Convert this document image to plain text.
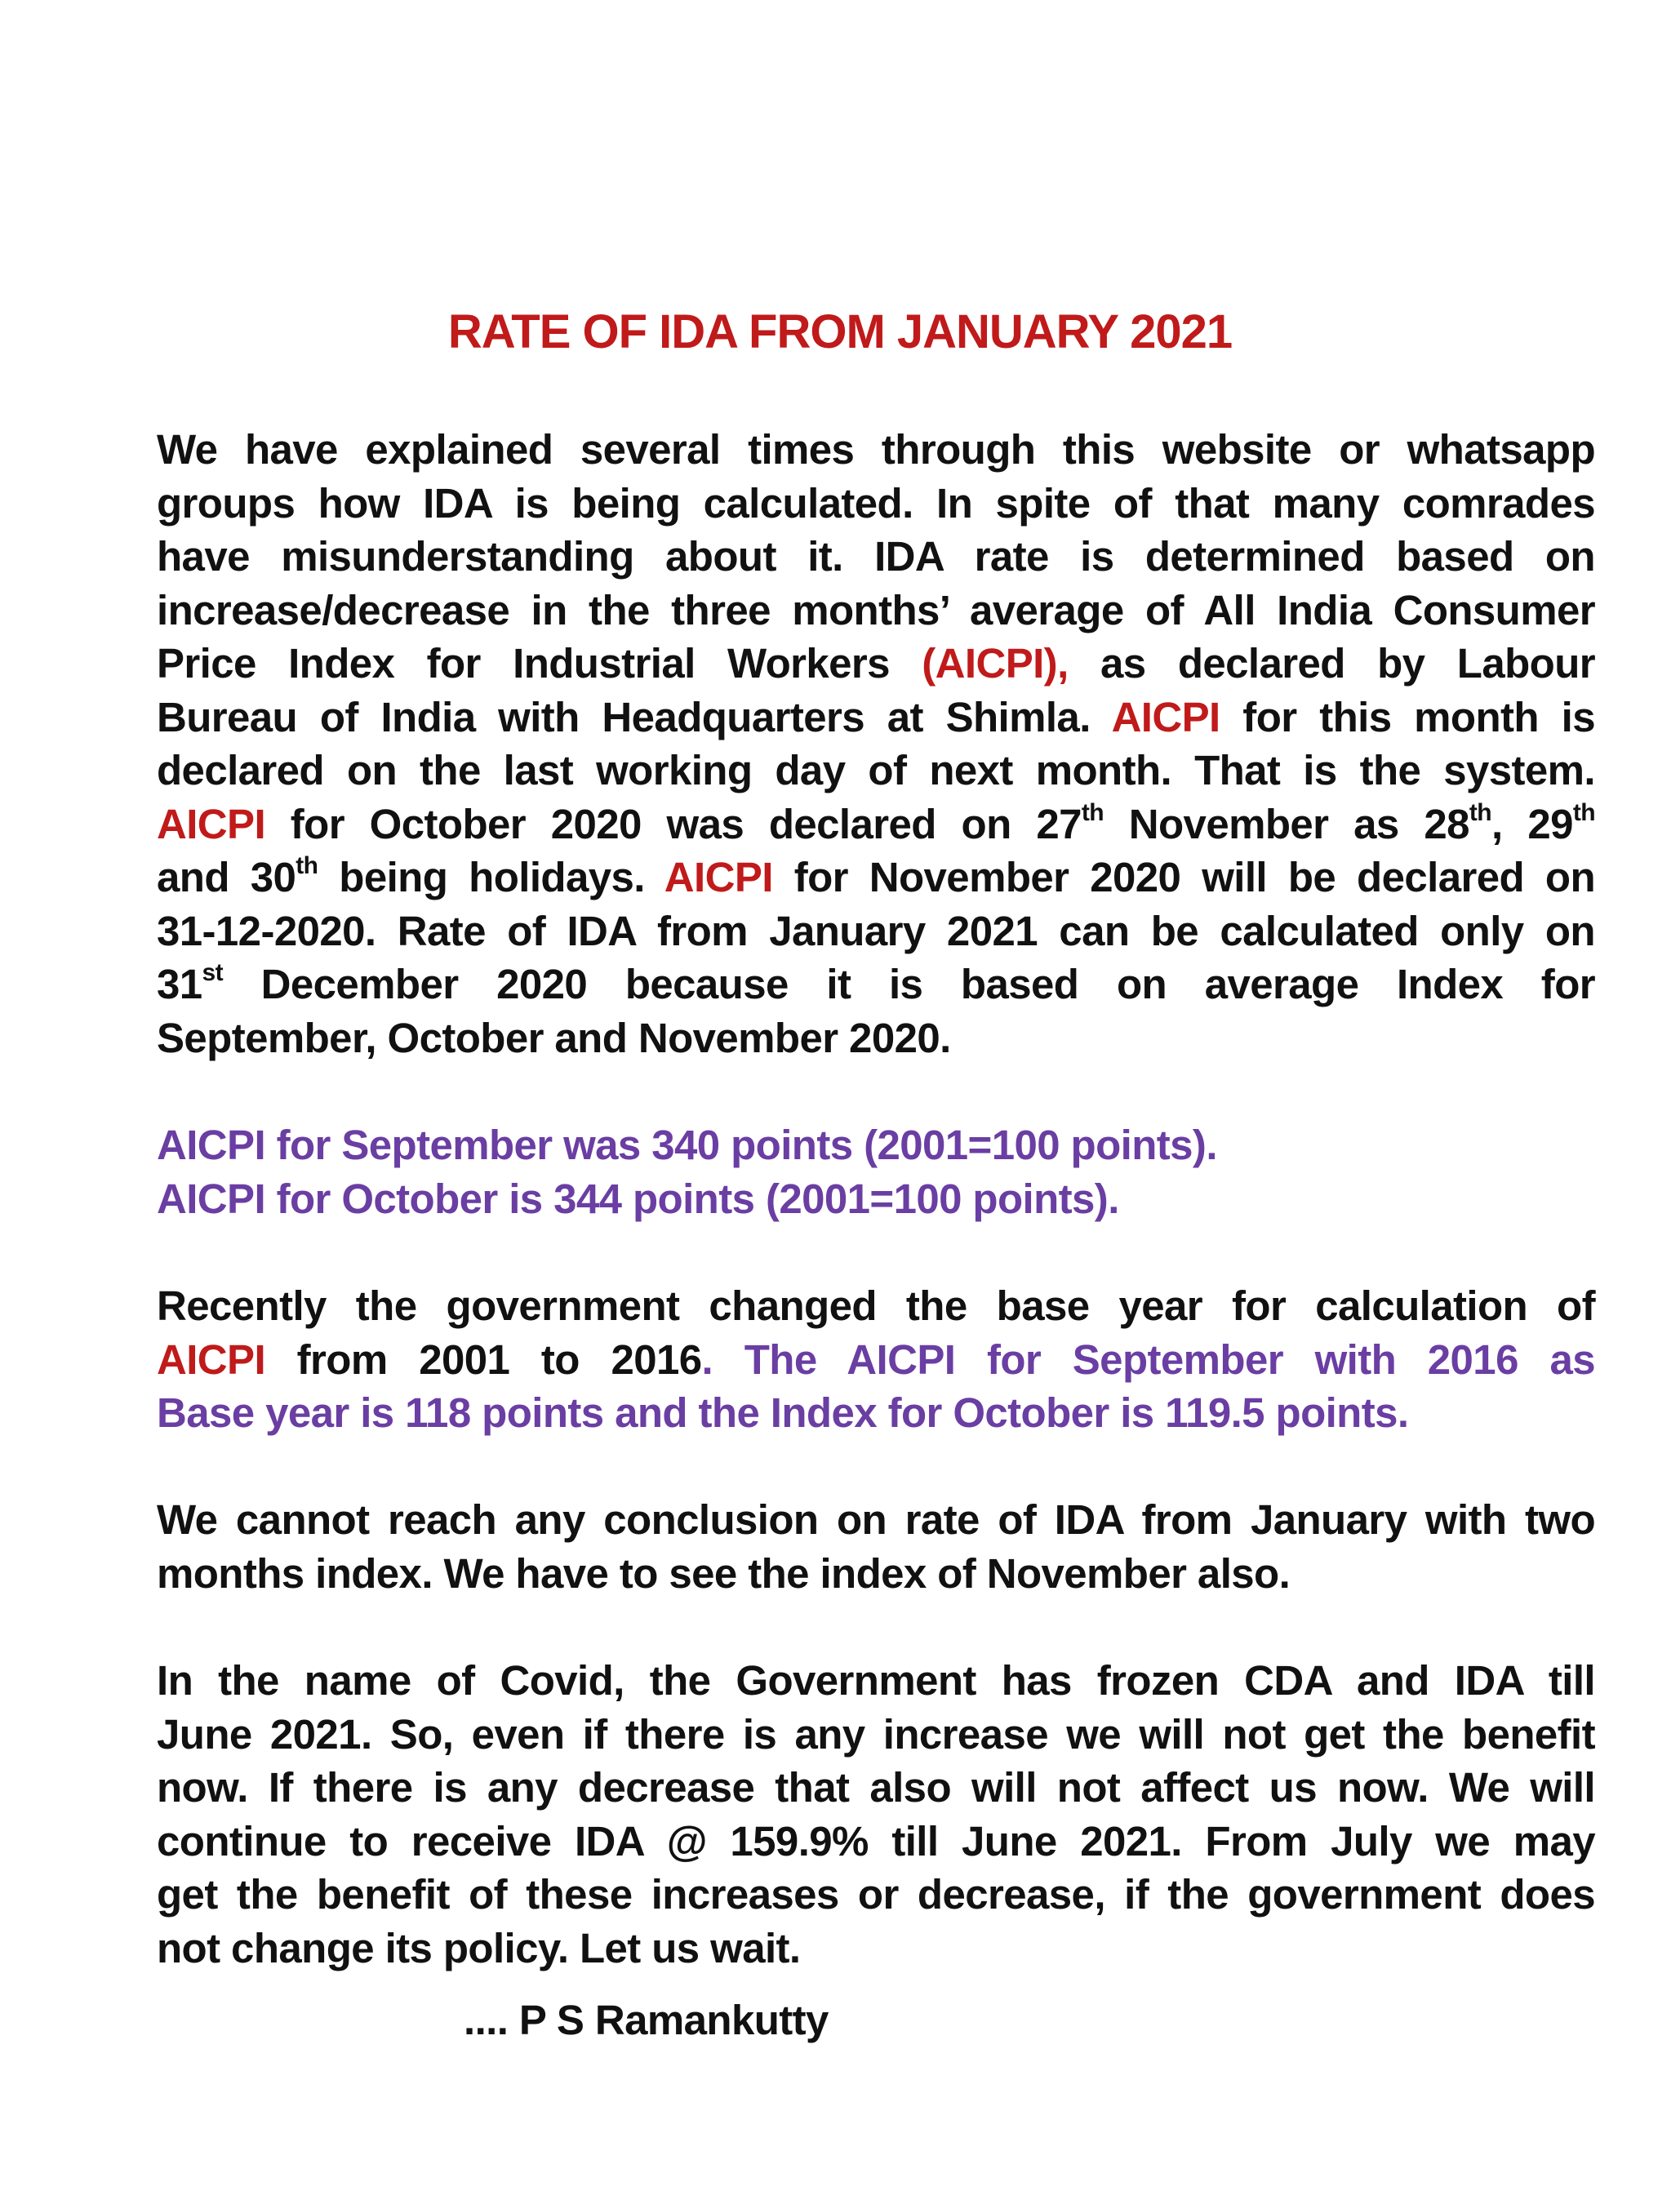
RATE OF IDA FROM JANUARY 2021
We have explained several times through this website or whatsapp
groups how IDA is being calculated. In spite of that many comrades
have misunderstanding about it. IDA rate is determined based on
increase/decrease in the three months’ average of All India Consumer
Price Index for Industrial Workers (AICPI), as declared by Labour
Bureau of India with Headquarters at Shimla. AICPI for this month is
declared on the last working day of next month. That is the system.
AICPI for October 2020 was declared on 27th November as 28th, 29th
and 30th being holidays. AICPI for November 2020 will be declared on
31-12-2020. Rate of IDA from January 2021 can be calculated only on
31st December 2020 because it is based on average Index for
September, October and November 2020.
AICPI for September was 340 points (2001=100 points).
AICPI for October is 344 points (2001=100 points).
Recently the government changed the base year for calculation of
AICPI from 2001 to 2016. The AICPI for September with 2016 as
Base year is 118 points and the Index for October is 119.5 points.
We cannot reach any conclusion on rate of IDA from January with two
months index. We have to see the index of November also.
In the name of Covid, the Government has frozen CDA and IDA till
June 2021. So, even if there is any increase we will not get the benefit
now. If there is any decrease that also will not affect us now. We will
continue to receive IDA @ 159.9% till June 2021. From July we may
get the benefit of these increases or decrease, if the government does
not change its policy. Let us wait.
.... P S Ramankutty
